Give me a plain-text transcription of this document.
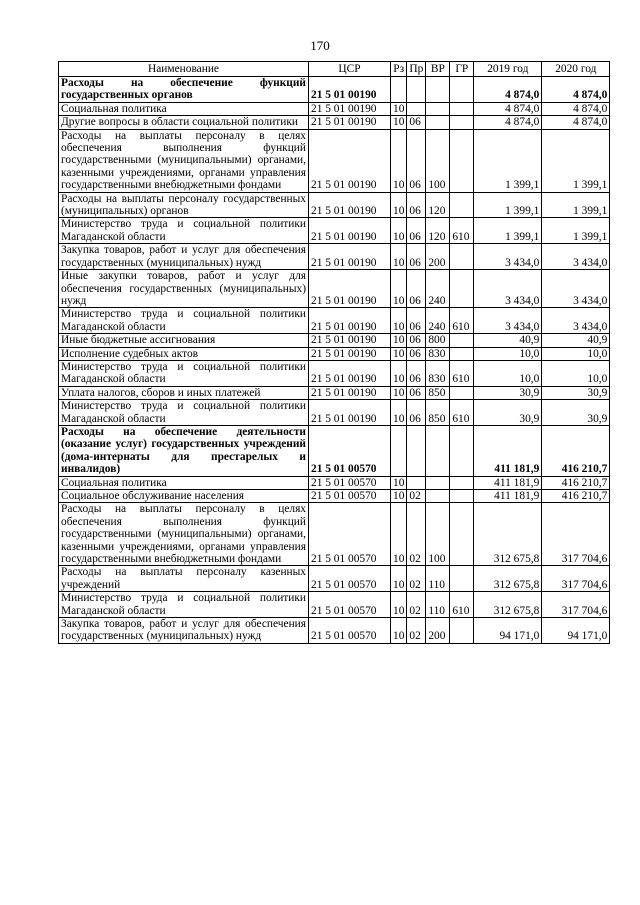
170
Наименование	ЦСР	Рз	Пр	ВР	ГР	2019 год	2020 год
Расходы на обеспечение функций государственных органов	21 5 01 00190					4 874,0	4 874,0
Социальная политика	21 5 01 00190	10				4 874,0	4 874,0
Другие вопросы в области социальной политики	21 5 01 00190	10	06			4 874,0	4 874,0
Расходы на выплаты персоналу в целях обеспечения выполнения функций государственными (муниципальными) органами, казенными учреждениями, органами управления государственными внебюджетными фондами	21 5 01 00190	10	06	100		1 399,1	1 399,1
Расходы на выплаты персоналу государственных (муниципальных) органов	21 5 01 00190	10	06	120		1 399,1	1 399,1
Министерство труда и социальной политики Магаданской области	21 5 01 00190	10	06	120	610	1 399,1	1 399,1
Закупка товаров, работ и услуг для обеспечения государственных (муниципальных) нужд	21 5 01 00190	10	06	200		3 434,0	3 434,0
Иные закупки товаров, работ и услуг для обеспечения государственных (муниципальных) нужд	21 5 01 00190	10	06	240		3 434,0	3 434,0
Министерство труда и социальной политики Магаданской области	21 5 01 00190	10	06	240	610	3 434,0	3 434,0
Иные бюджетные ассигнования	21 5 01 00190	10	06	800		40,9	40,9
Исполнение судебных актов	21 5 01 00190	10	06	830		10,0	10,0
Министерство труда и социальной политики Магаданской области	21 5 01 00190	10	06	830	610	10,0	10,0
Уплата налогов, сборов и иных платежей	21 5 01 00190	10	06	850		30,9	30,9
Министерство труда и социальной политики Магаданской области	21 5 01 00190	10	06	850	610	30,9	30,9
Расходы на обеспечение деятельности (оказание услуг) государственных учреждений (дома-интернаты для престарелых и инвалидов)	21 5 01 00570					411 181,9	416 210,7
Социальная политика	21 5 01 00570	10				411 181,9	416 210,7
Социальное обслуживание населения	21 5 01 00570	10	02			411 181,9	416 210,7
Расходы на выплаты персоналу в целях обеспечения выполнения функций государственными (муниципальными) органами, казенными учреждениями, органами управления государственными внебюджетными фондами	21 5 01 00570	10	02	100		312 675,8	317 704,6
Расходы на выплаты персоналу казенных учреждений	21 5 01 00570	10	02	110		312 675,8	317 704,6
Министерство труда и социальной политики Магаданской области	21 5 01 00570	10	02	110	610	312 675,8	317 704,6
Закупка товаров, работ и услуг для обеспечения государственных (муниципальных) нужд	21 5 01 00570	10	02	200		94 171,0	94 171,0
